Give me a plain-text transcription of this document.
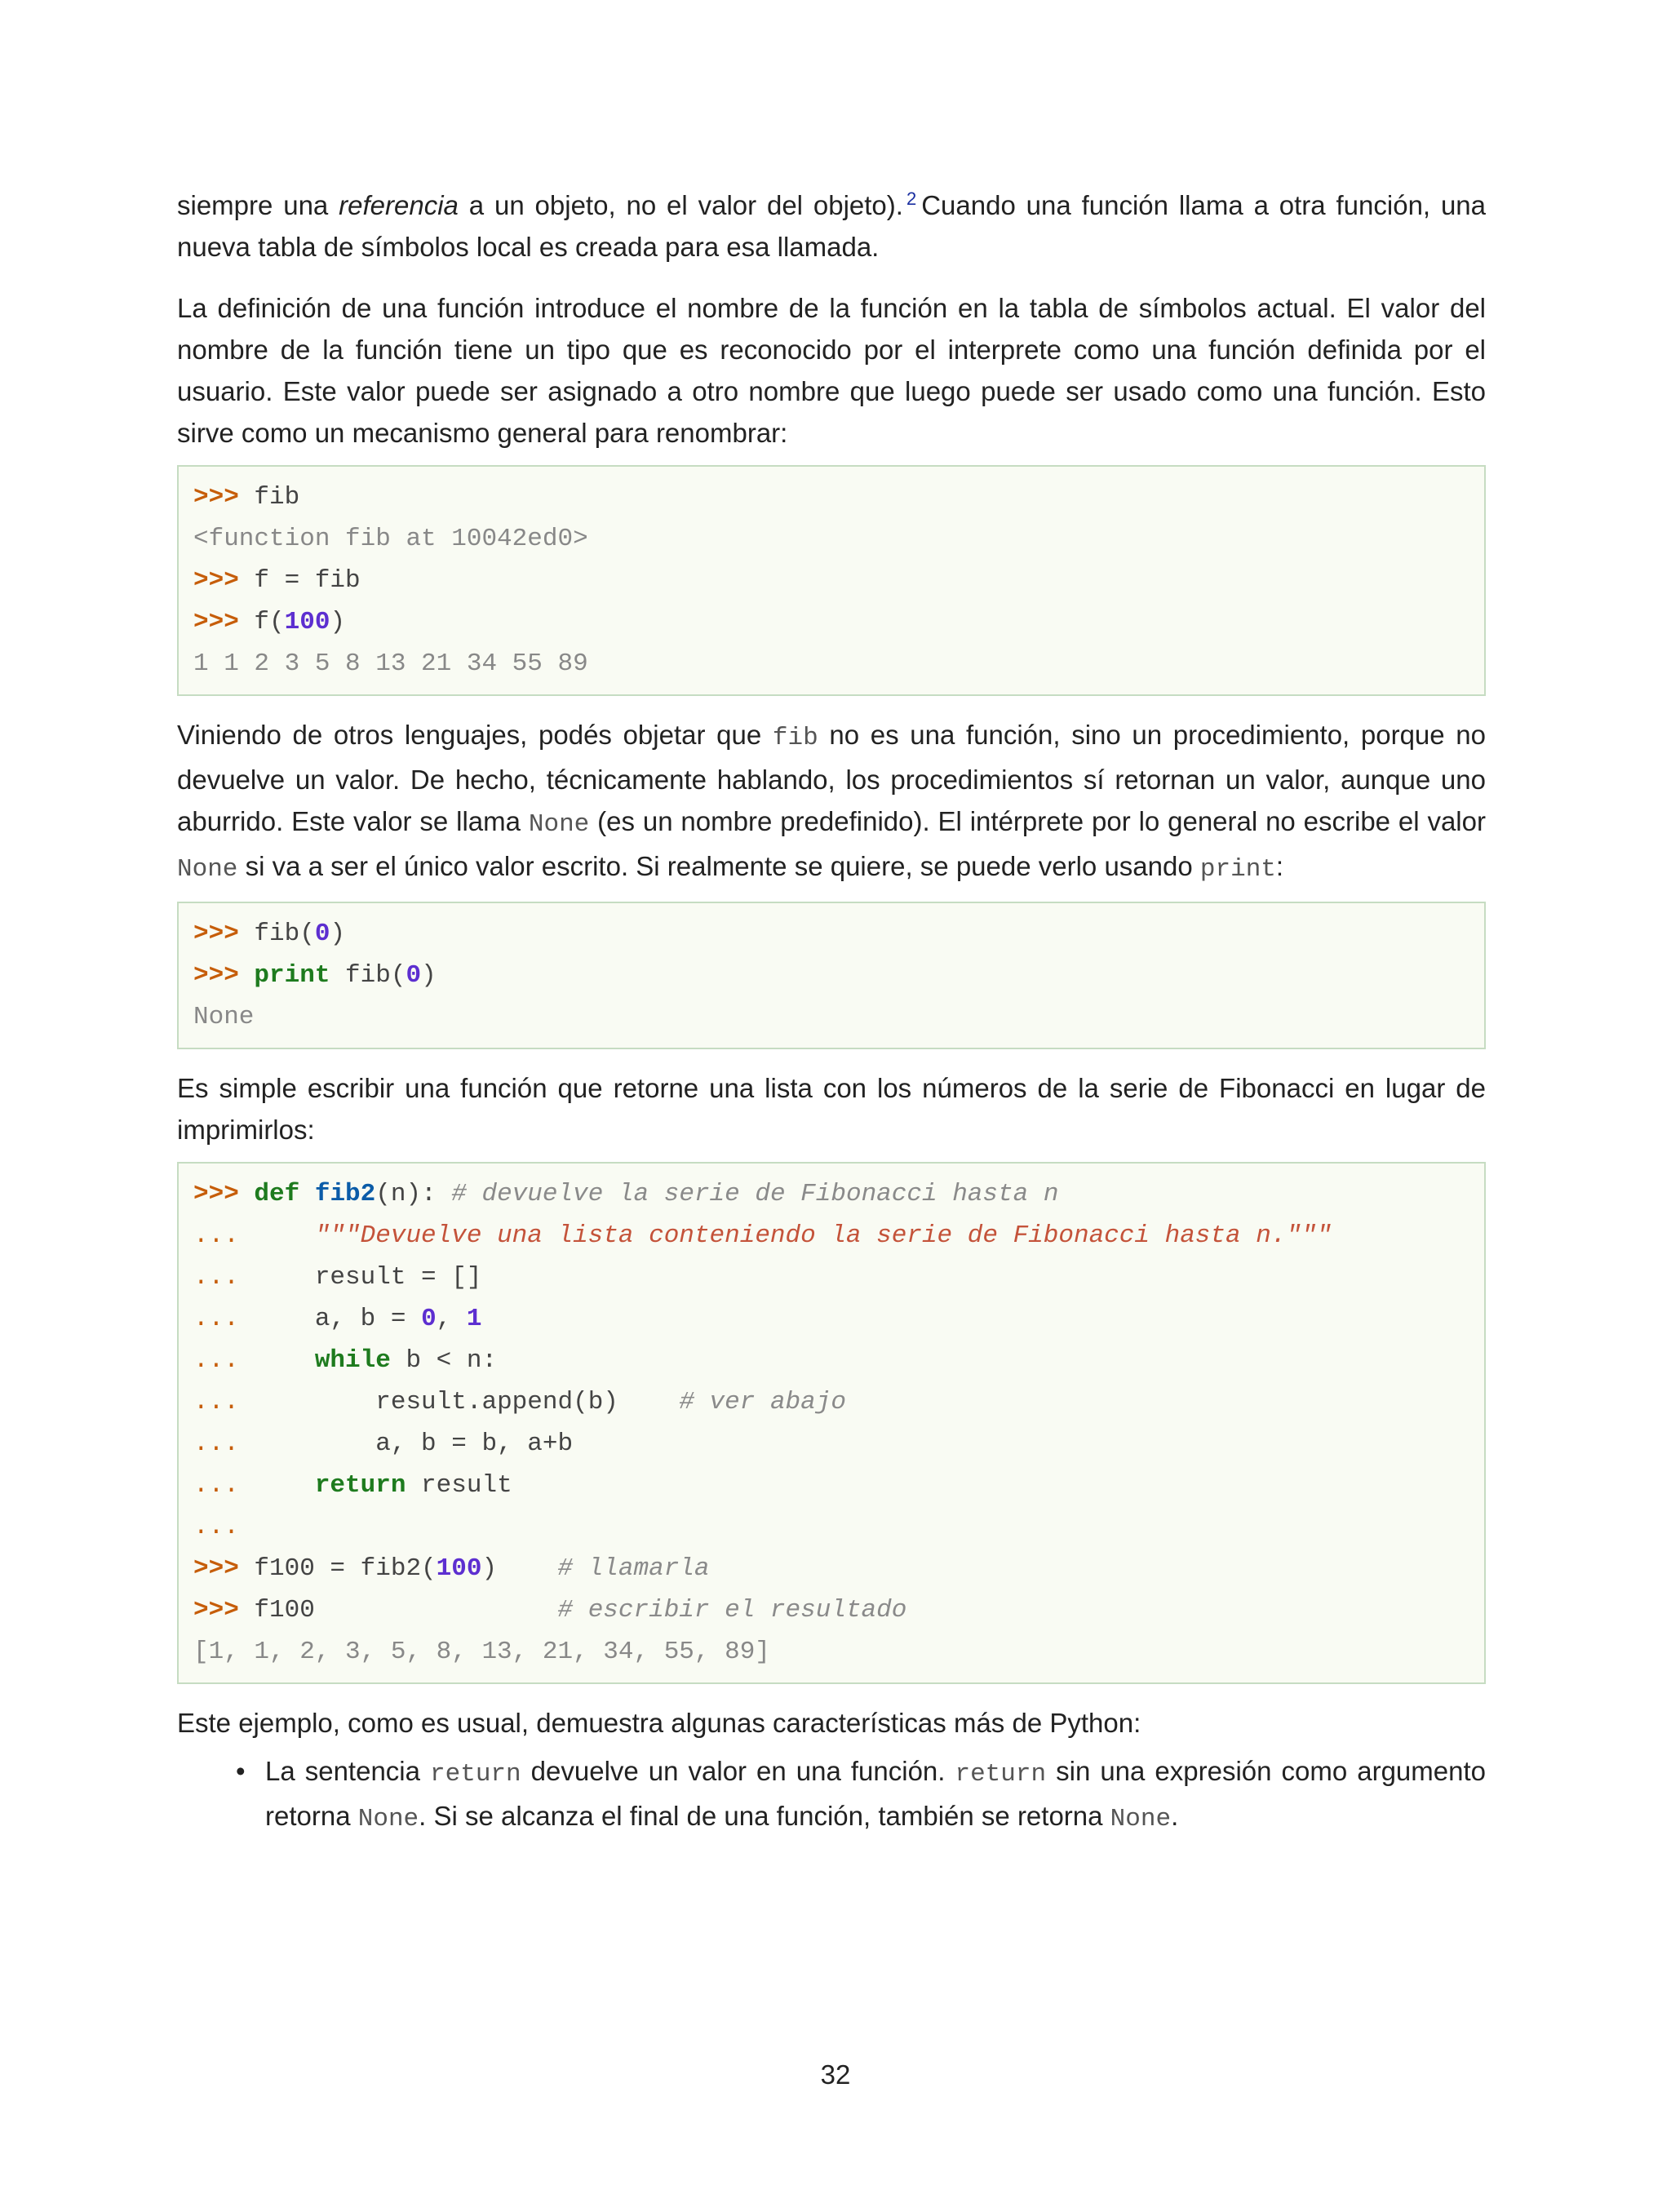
siempre una referencia a un objeto, no el valor del objeto). $^2$ Cuando una función llama a otra función, una nueva tabla de símbolos local es creada para esa llamada.

La definición de una función introduce el nombre de la función en la tabla de símbolos actual. El valor del nombre de la función tiene un tipo que es reconocido por el interprete como una función definida por el usuario. Este valor puede ser asignado a otro nombre que luego puede ser usado como una función. Esto sirve como un mecanismo general para renombrar:

>>> fib
<function fib at 10042ed0>
>>> f = fib
>>> f(100)
1 1 2 3 5 8 13 21 34 55 89

Viniendo de otros lenguajes, podés objetar que fib no es una función, sino un procedimiento, porque no devuelve un valor. De hecho, técnicamente hablando, los procedimientos sí retornan un valor, aunque uno aburrido. Este valor se llama None (es un nombre predefinido). El intérprete por lo general no escribe el valor None si va a ser el único valor escrito. Si realmente se quiere, se puede verlo usando print:

>>> fib(0)
>>> print fib(0)
None

Es simple escribir una función que retorne una lista con los números de la serie de Fibonacci en lugar de imprimirlos:

>>> def fib2(n): # devuelve la serie de Fibonacci hasta n
...	"""Devuelve una lista conteniendo la serie de Fibonacci hasta n."""
...	result = []
...	a, b = 0, 1
...	while b < n:
...	result.append(b) # ver abajo
...	a, b = b, a+b
...	return result
...
>>> f100 = fib2(100) # llamarla
>>> f100	# escribir el resultado
[1, 1, 2, 3, 5, 8, 13, 21, 34, 55, 89]

Este ejemplo, como es usual, demuestra algunas características más de Python:

• La sentencia return devuelve un valor en una función. return sin una expresión como argumento retorna None. Si se alcanza el final de una función, también se retorna None.
32
